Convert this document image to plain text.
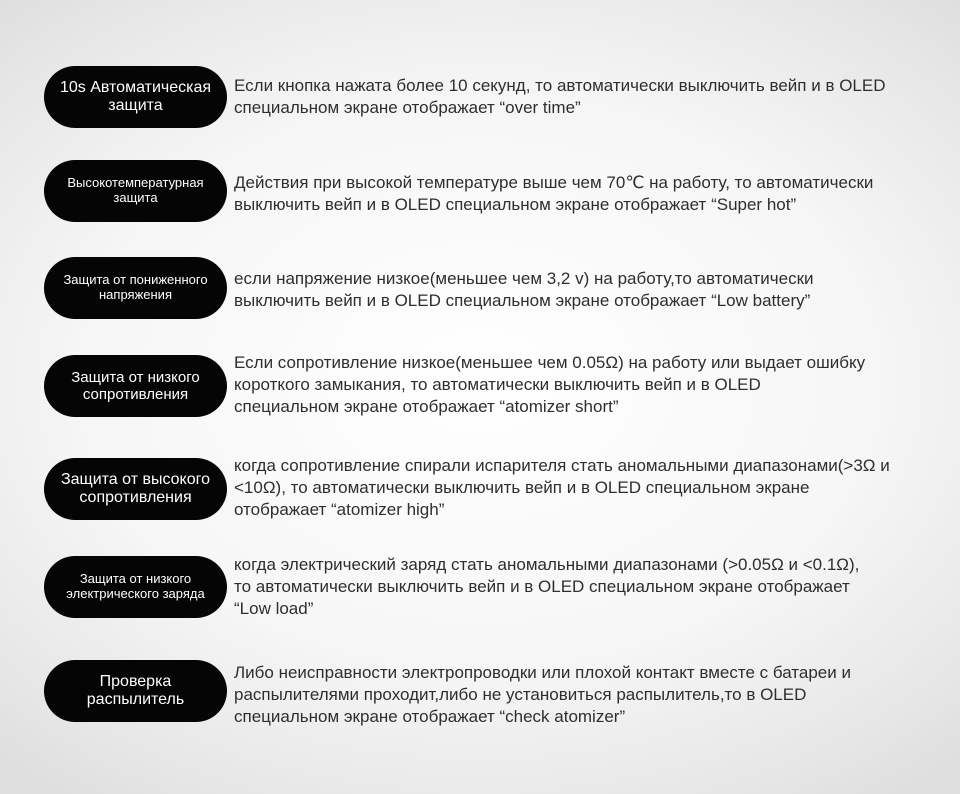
10s Автоматическая
защита
Если кнопка нажата более 10 секунд, то автоматически выключить вейп и в OLED
специальном экране отображает “over time”
Высокотемпературная
защита
Действия при высокой температуре выше чем 70℃ на работу, то автоматически
выключить вейп и в OLED специальном экране отображает “Super hot”
Защита от пониженного
напряжения
если напряжение низкое(меньшее чем 3,2 v) на работу,то автоматически
выключить вейп и в OLED специальном экране отображает “Low battery”
Защита от низкого
сопротивления
Если сопротивление низкое(меньшее чем 0.05Ω) на работу или выдает ошибку
короткого замыкания, то автоматически выключить вейп и в OLED
специальном экране отображает “atomizer short”
Защита от высокого
сопротивления
когда сопротивление спирали испарителя стать аномальными диапазонами(>3Ω и
<10Ω), то автоматически выключить вейп и в OLED специальном экране
отображает “atomizer high”
Защита от низкого
электрического заряда
когда электрический заряд стать аномальными диапазонами (>0.05Ω и <0.1Ω),
то автоматически выключить вейп и в OLED специальном экране отображает
“Low load”
Проверка
распылитель
Либо неисправности электропроводки или плохой контакт вместе с батареи и
распылителями проходит,либо не установиться распылитель,то в OLED
специальном экране отображает “check atomizer”
